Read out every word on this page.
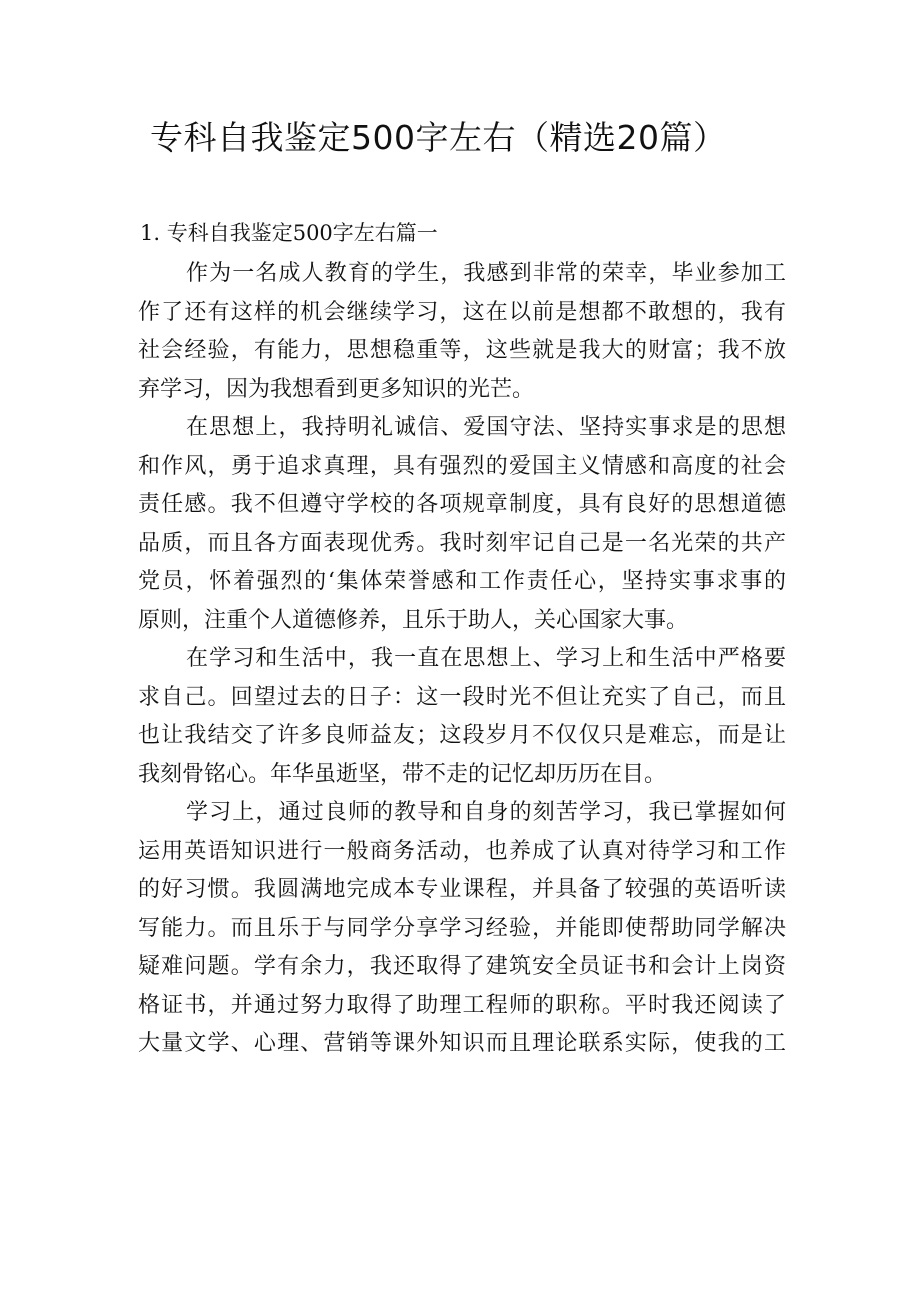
专科自我鉴定500字左右（精选20篇）
1. 专科自我鉴定500字左右篇一
作为一名成人教育的学生，我感到非常的荣幸，毕业参加工
作了还有这样的机会继续学习，这在以前是想都不敢想的，我有
社会经验，有能力，思想稳重等，这些就是我大的财富；我不放
弃学习，因为我想看到更多知识的光芒。
在思想上，我持明礼诚信、爱国守法、坚持实事求是的思想
和作风，勇于追求真理，具有强烈的爱国主义情感和高度的社会
责任感。我不但遵守学校的各项规章制度，具有良好的思想道德
品质，而且各方面表现优秀。我时刻牢记自己是一名光荣的共产
党员，怀着强烈的‘集体荣誉感和工作责任心，坚持实事求事的
原则，注重个人道德修养，且乐于助人，关心国家大事。
在学习和生活中，我一直在思想上、学习上和生活中严格要
求自己。回望过去的日子：这一段时光不但让充实了自己，而且
也让我结交了许多良师益友；这段岁月不仅仅只是难忘，而是让
我刻骨铭心。年华虽逝坚，带不走的记忆却历历在目。
学习上，通过良师的教导和自身的刻苦学习，我已掌握如何
运用英语知识进行一般商务活动，也养成了认真对待学习和工作
的好习惯。我圆满地完成本专业课程，并具备了较强的英语听读
写能力。而且乐于与同学分享学习经验，并能即使帮助同学解决
疑难问题。学有余力，我还取得了建筑安全员证书和会计上岗资
格证书，并通过努力取得了助理工程师的职称。平时我还阅读了
大量文学、心理、营销等课外知识而且理论联系实际，使我的工
